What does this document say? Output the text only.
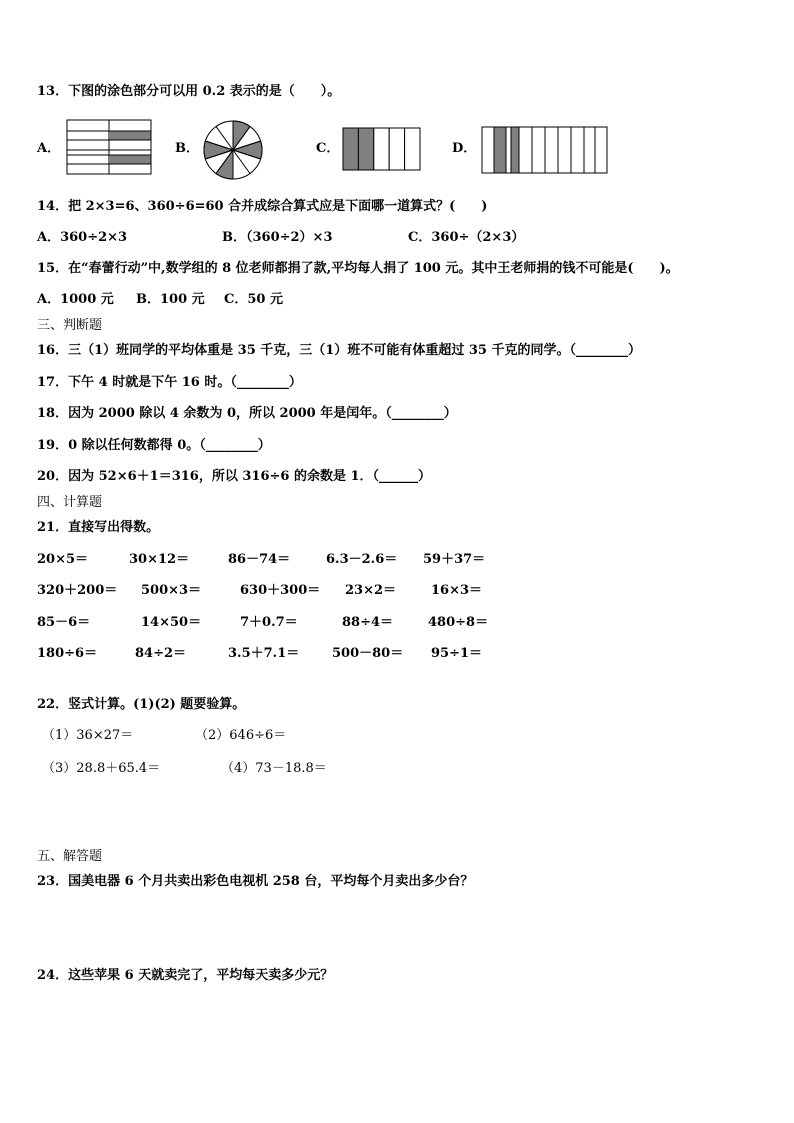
13．下图的涂色部分可以用 0.2 表示的是（　　）。
A．	B．	C．	D．
14．把 2×3=6、360÷6=60 合并成综合算式应是下面哪一道算式？(　　)
A．360÷2×3	B．（360÷2）×3	C．360÷（2×3）
15．在“春蕾行动”中,数学组的 8 位老师都捐了款,平均每人捐了 100 元。其中王老师捐的钱不可能是(　　)。
A．1000 元 B．100 元 C．50 元
三、判断题
16．三（1）班同学的平均体重是 35 千克，三（1）班不可能有体重超过 35 千克的同学。（________）
17．下午 4 时就是下午 16 时。（________）
18．因为 2000 除以 4 余数为 0，所以 2000 年是闰年。（________）
19．0 除以任何数都得 0。（________）
20．因为 52×6＋1＝316，所以 316÷6 的余数是 1．（______）
四、计算题
21．直接写出得数。
20×5＝	30×12＝	86－74＝	6.3－2.6＝ 59＋37＝
320＋200＝ 500×3＝	630＋300＝ 23×2＝	16×3＝
85－6＝	14×50＝	7＋0.7＝	88÷4＝	480÷8＝
180÷6＝	84÷2＝	3.5＋7.1＝	500－80＝ 95÷1＝
22．竖式计算。(1)(2) 题要验算。
（1）36×27＝	（2）646÷6＝
（3）28.8＋65.4＝	（4）73－18.8＝
五、解答题
23．国美电器 6 个月共卖出彩色电视机 258 台，平均每个月卖出多少台？
24．这些苹果 6 天就卖完了，平均每天卖多少元？
